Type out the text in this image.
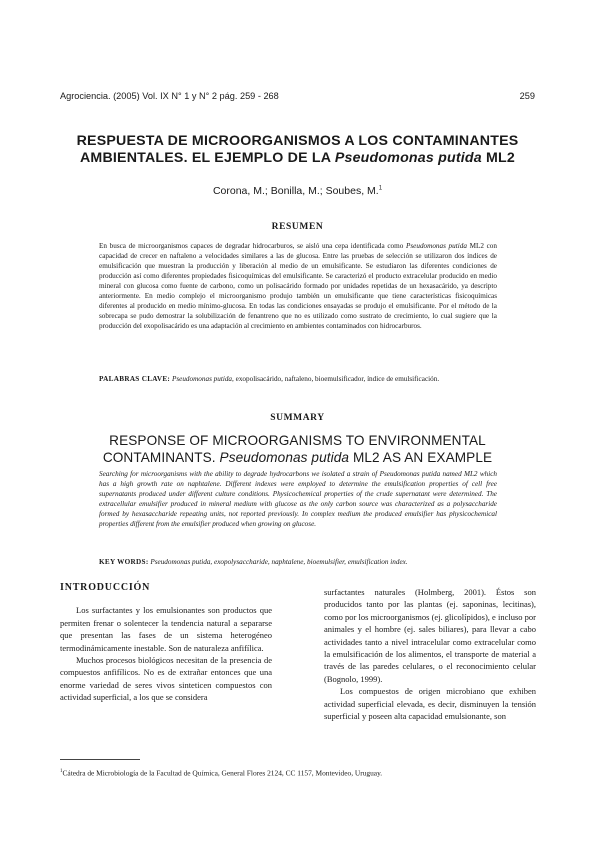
Agrociencia. (2005) Vol. IX N° 1 y N° 2 pág. 259 - 268	259
RESPUESTA DE MICROORGANISMOS A LOS CONTAMINANTES
AMBIENTALES. EL EJEMPLO DE LA Pseudomonas putida ML2
Corona, M.; Bonilla, M.; Soubes, M.$^1$
RESUMEN

En busca de microorganismos capaces de degradar hidrocarburos, se aisló una cepa identificada como Pseudomonas putida ML2 con capacidad de crecer en naftaleno a velocidades similares a las de glucosa. Entre las pruebas de selección se utilizaron dos índices de emulsificación que muestran la producción y liberación al medio de un emulsificante. Se estudiaron las diferentes condiciones de producción así como diferentes propiedades fisicoquímicas del emulsificante. Se caracterizó el producto extracelular producido en medio mineral con glucosa como fuente de carbono, como un polisacárido formado por unidades repetidas de un hexasacárido, ya descripto anteriormente. En medio complejo el microorganismo produjo también un emulsificante que tiene características fisicoquímicas diferentes al producido en medio mínimo-glucosa. En todas las condiciones ensayadas se produjo el emulsificante. Por el método de la sobrecapa se pudo demostrar la solubilización de fenantreno que no es utilizado como sustrato de crecimiento, lo cual sugiere que la producción del exopolisacárido es una adaptación al crecimiento en ambientes contaminados con hidrocarburos.

PALABRAS CLAVE: Pseudomonas putida, exopolisacárido, naftaleno, bioemulsificador, índice de emulsificación.

SUMMARY
RESPONSE OF MICROORGANISMS TO ENVIRONMENTAL
CONTAMINANTS. Pseudomonas putida ML2 AS AN EXAMPLE

Searching for microorganisms with the ability to degrade hydrocarbons we isolated a strain of Pseudomonas putida named ML2 which has a high growth rate on naphtalene. Different indexes were employed to determine the emulsification properties of cell free supernatants produced under different culture conditions. Physicochemical properties of the crude supernatant were determined. The extracellular emulsifier produced in mineral medium with glucose as the only carbon source was characterized as a polysaccharide formed by hexasaccharide repeating units, not reported previously. In complex medium the produced emulsifier has physicochemical properties different from the emulsifier produced when growing on glucose.

KEY WORDS: Pseudomonas putida, exopolysaccharide, naphtalene, bioemulsifier, emulsification index.

INTRODUCCIÓN

Los surfactantes y los emulsionantes son productos que permiten frenar o solentecer la tendencia natural a separarse que presentan las fases de un sistema heterogéneo termodinámicamente inestable. Son de naturaleza anfifílica.

Muchos procesos biológicos necesitan de la presencia de compuestos anfifílicos. No es de extrañar entonces que una enorme variedad de seres vivos sinteticen compuestos con actividad superficial, a los que se considera

surfactantes naturales (Holmberg, 2001). Éstos son producidos tanto por las plantas (ej. saponinas, lecitinas), como por los microorganismos (ej. glicolípidos), e incluso por animales y el hombre (ej. sales biliares), para llevar a cabo actividades tanto a nivel intracelular como extracelular como la emulsificación de los alimentos, el transporte de material a través de las paredes celulares, o el reconocimiento celular (Bognolo, 1999).

Los compuestos de origen microbiano que exhiben actividad superficial elevada, es decir, disminuyen la tensión superficial y poseen alta capacidad emulsionante, son

$^1$Cátedra de Microbiología de la Facultad de Química, General Flores 2124, CC 1157, Montevideo, Uruguay.
